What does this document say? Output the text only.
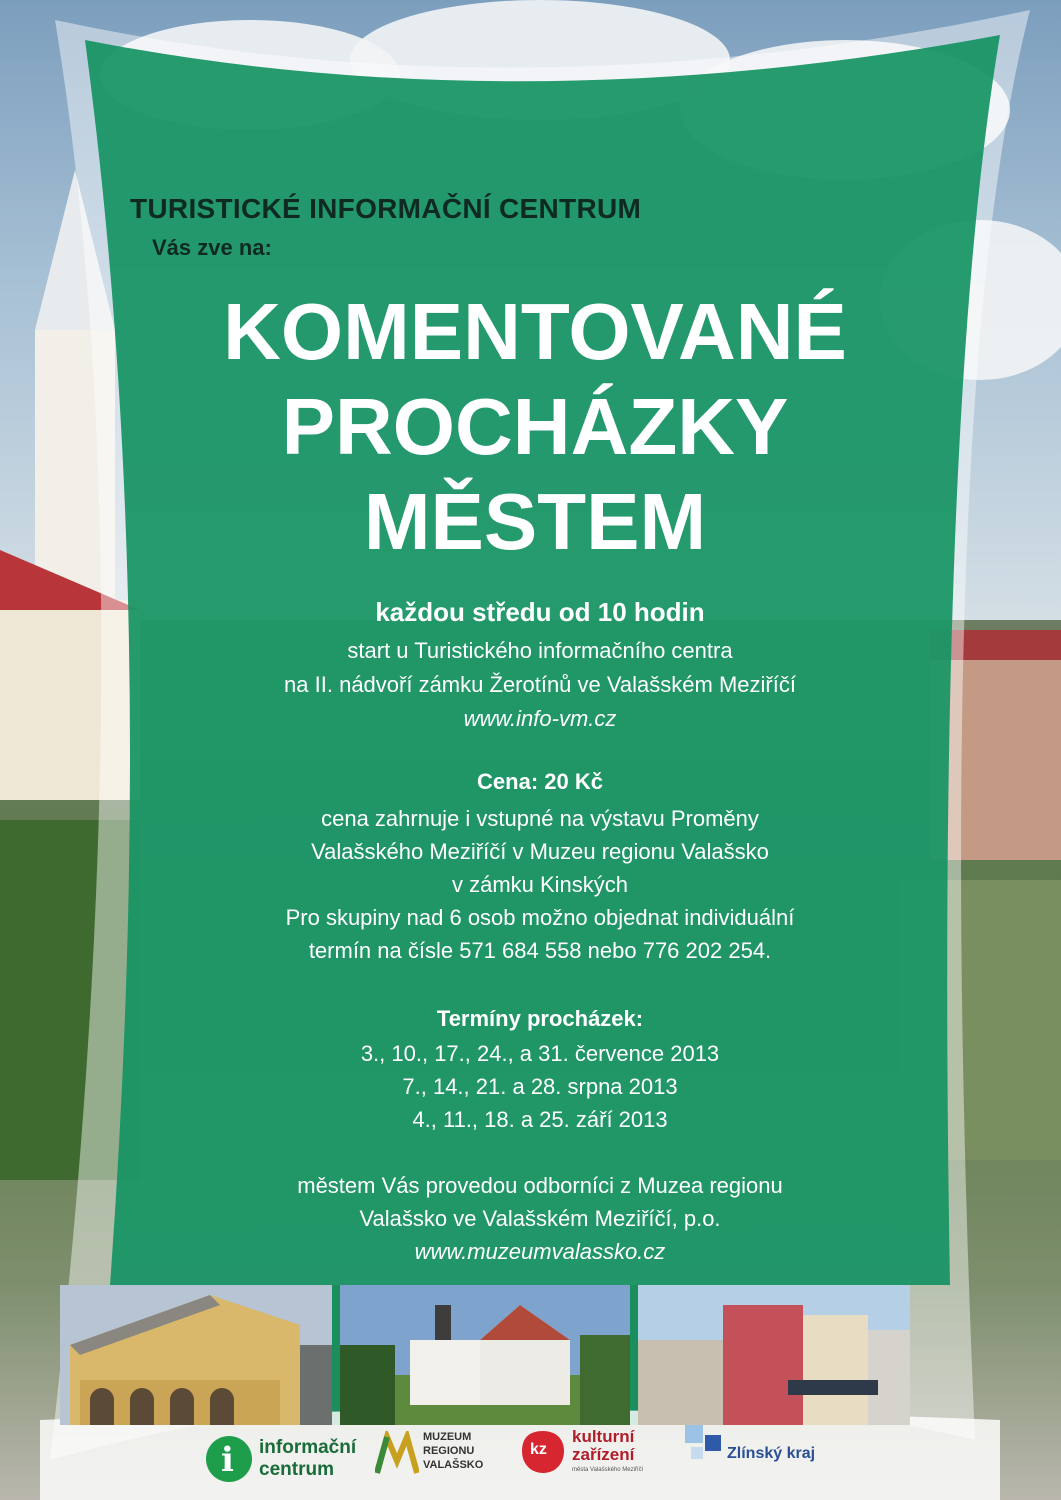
TURISTICKÉ INFORMAČNÍ CENTRUM
Vás zve na:
KOMENTOVANÉ
PROCHÁZKY
MĚSTEM
každou středu od 10 hodin
start u Turistického informačního centra
na II. nádvoří zámku Žerotínů ve Valašském Meziříčí
www.info-vm.cz
Cena: 20 Kč
cena zahrnuje i vstupné na výstavu Proměny
Valašského Meziříčí v Muzeu regionu Valašsko
v zámku Kinských
Pro skupiny nad 6 osob možno objednat individuální
termín na čísle 571 684 558 nebo 776 202 254.
Termíny procházek:
3., 10., 17., 24., a 31. července 2013
7., 14., 21. a 28. srpna 2013
4., 11., 18. a 25. září 2013
městem Vás provedou odborníci z Muzea regionu
Valašsko ve Valašském Meziříčí, p.o.
www.muzeumvalassko.cz
i informační
centrum
MUZEUM
REGIONU
VALAŠSKO
kz
kulturní
zařízení
města Valašského Meziříčí
Zlínský kraj
